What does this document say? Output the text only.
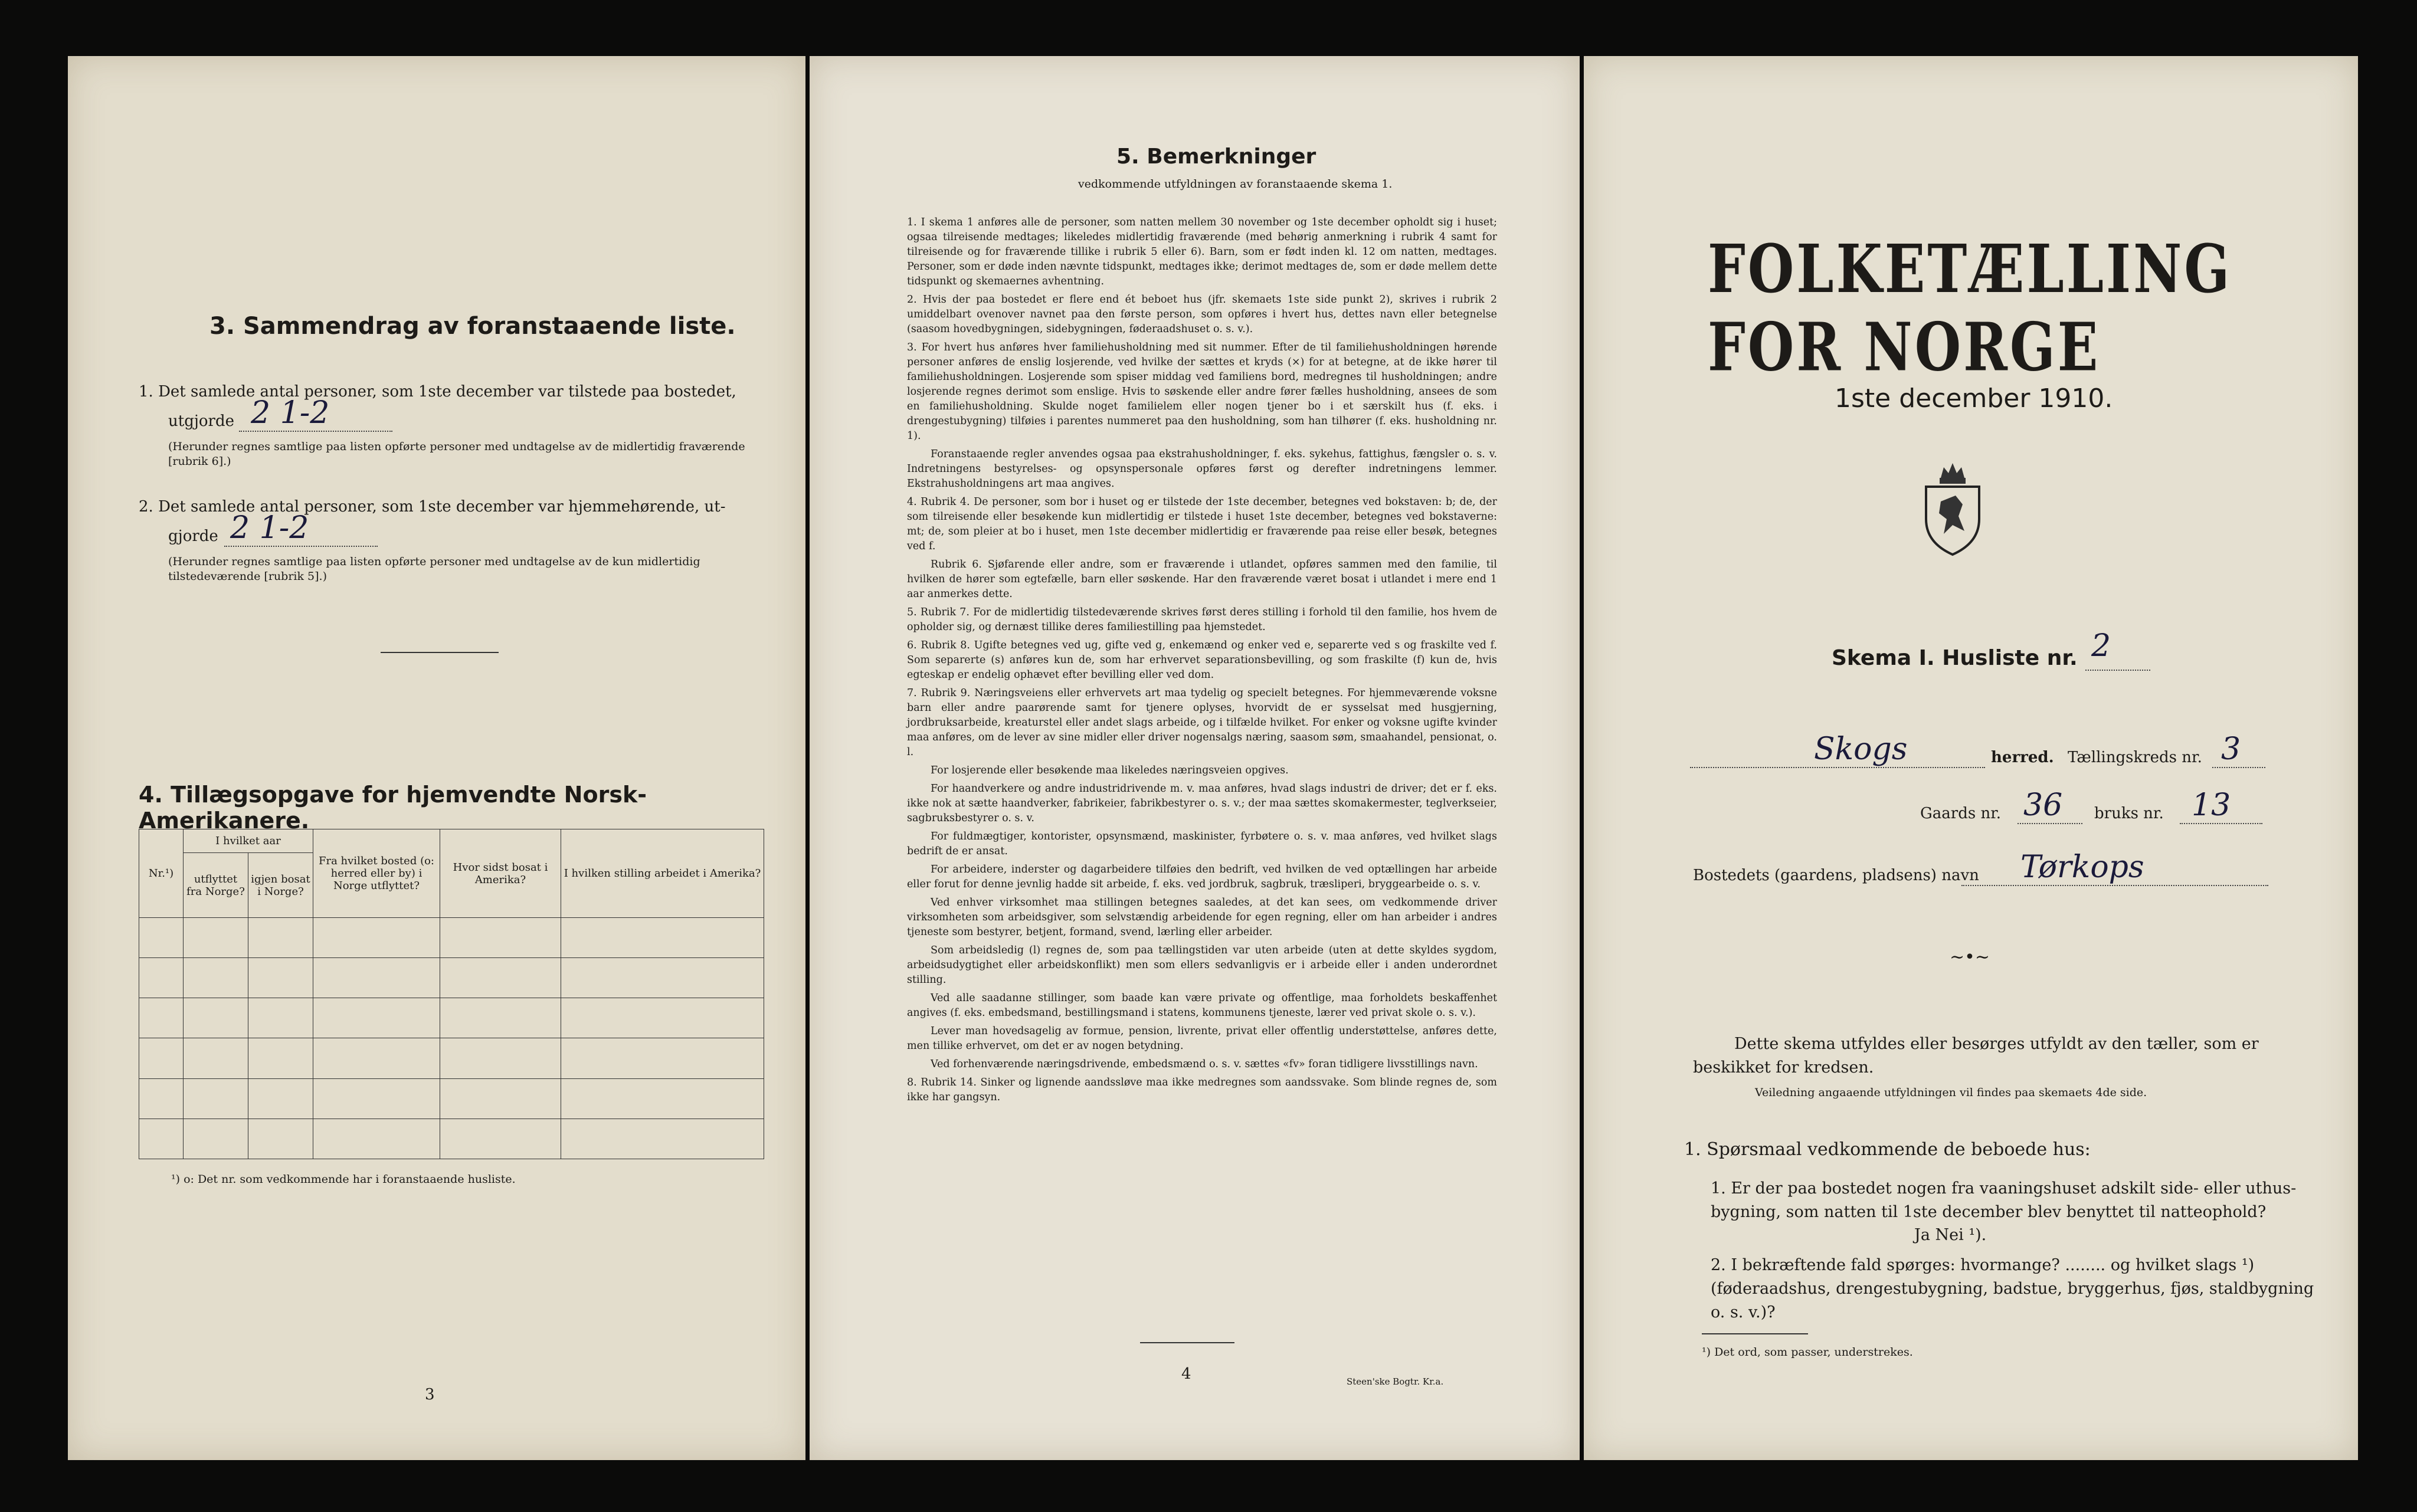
3. Sammendrag av foranstaaende liste.
1. Det samlede antal personer, som 1ste december var tilstede paa bostedet,
utgjorde 2 1-2
(Herunder regnes samtlige paa listen opførte personer med undtagelse av de midlertidig fraværende [rubrik 6].)
2. Det samlede antal personer, som 1ste december var hjemmehørende, ut-
gjorde 2 1-2
(Herunder regnes samtlige paa listen opførte personer med undtagelse av de kun midlertidig tilstedeværende [rubrik 5].)
4. Tillægsopgave for hjemvendte Norsk-Amerikanere.
Nr.¹)	I hvilket aar		Fra hvilket bosted (o: herred eller by) i Norge utflyttet?	Hvor sidst bosat i Amerika?	I hvilken stilling arbeidet i Amerika?
	utflyttet fra Norge?	igjen bosat i Norge?			

¹) o: Det nr. som vedkommende har i foranstaaende husliste.
3
5. Bemerkninger
vedkommende utfyldningen av foranstaaende skema 1.

1. I skema 1 anføres alle de personer, som natten mellem 30 november og 1ste december opholdt sig i huset; ogsaa tilreisende medtages; likeledes midlertidig fraværende (med behørig anmerkning i rubrik 4 samt for tilreisende og for fraværende tillike i rubrik 5 eller 6). Barn, som er født inden kl. 12 om natten, medtages. Personer, som er døde inden nævnte tidspunkt, medtages ikke; derimot medtages de, som er døde mellem dette tidspunkt og skemaernes avhentning.

2. Hvis der paa bostedet er flere end ét beboet hus (jfr. skemaets 1ste side punkt 2), skrives i rubrik 2 umiddelbart ovenover navnet paa den første person, som opføres i hvert hus, dettes navn eller betegnelse (saasom hovedbygningen, sidebygningen, føderaadshuset o. s. v.).

3. For hvert hus anføres hver familiehusholdning med sit nummer. Efter de til familiehusholdningen hørende personer anføres de enslig losjerende, ved hvilke der sættes et kryds (×) for at betegne, at de ikke hører til familiehusholdningen. Losjerende som spiser middag ved familiens bord, medregnes til husholdningen; andre losjerende regnes derimot som enslige. Hvis to søskende eller andre fører fælles husholdning, ansees de som en familiehusholdning. Skulde noget familielem eller nogen tjener bo i et særskilt hus (f. eks. i drengestubygning) tilføies i parentes nummeret paa den husholdning, som han tilhører (f. eks. husholdning nr. 1).

Foranstaaende regler anvendes ogsaa paa ekstrahusholdninger, f. eks. sykehus, fattighus, fængsler o. s. v. Indretningens bestyrelses- og opsynspersonale opføres først og derefter indretningens lemmer. Ekstrahusholdningens art maa angives.

4. Rubrik 4. De personer, som bor i huset og er tilstede der 1ste december, betegnes ved bokstaven: b; de, der som tilreisende eller besøkende kun midlertidig er tilstede i huset 1ste december, betegnes ved bokstaverne: mt; de, som pleier at bo i huset, men 1ste december midlertidig er fraværende paa reise eller besøk, betegnes ved f.

Rubrik 6. Sjøfarende eller andre, som er fraværende i utlandet, opføres sammen med den familie, til hvilken de hører som egtefælle, barn eller søskende. Har den fraværende været bosat i utlandet i mere end 1 aar anmerkes dette.

5. Rubrik 7. For de midlertidig tilstedeværende skrives først deres stilling i forhold til den familie, hos hvem de opholder sig, og dernæst tillike deres familiestilling paa hjemstedet.

6. Rubrik 8. Ugifte betegnes ved ug, gifte ved g, enkemænd og enker ved e, separerte ved s og fraskilte ved f. Som separerte (s) anføres kun de, som har erhvervet separationsbevilling, og som fraskilte (f) kun de, hvis egteskap er endelig ophævet efter bevilling eller ved dom.

7. Rubrik 9. Næringsveiens eller erhvervets art maa tydelig og specielt betegnes. For hjemmeværende voksne barn eller andre paarørende samt for tjenere oplyses, hvorvidt de er sysselsat med husgjerning, jordbruksarbeide, kreaturstel eller andet slags arbeide, og i tilfælde hvilket. For enker og voksne ugifte kvinder maa anføres, om de lever av sine midler eller driver nogensalgs næring, saasom søm, smaahandel, pensionat, o. l.

For losjerende eller besøkende maa likeledes næringsveien opgives.

For haandverkere og andre industridrivende m. v. maa anføres, hvad slags industri de driver; det er f. eks. ikke nok at sætte haandverker, fabrikeier, fabrikbestyrer o. s. v.; der maa sættes skomakermester, teglverkseier, sagbruksbestyrer o. s. v.

For fuldmægtiger, kontorister, opsynsmænd, maskinister, fyrbøtere o. s. v. maa anføres, ved hvilket slags bedrift de er ansat.

For arbeidere, inderster og dagarbeidere tilføies den bedrift, ved hvilken de ved optællingen har arbeide eller forut for denne jevnlig hadde sit arbeide, f. eks. ved jordbruk, sagbruk, træsliperi, bryggearbeide o. s. v.

Ved enhver virksomhet maa stillingen betegnes saaledes, at det kan sees, om vedkommende driver virksomheten som arbeidsgiver, som selvstændig arbeidende for egen regning, eller om han arbeider i andres tjeneste som bestyrer, betjent, formand, svend, lærling eller arbeider.

Som arbeidsledig (l) regnes de, som paa tællingstiden var uten arbeide (uten at dette skyldes sygdom, arbeidsudygtighet eller arbeidskonflikt) men som ellers sedvanligvis er i arbeide eller i anden underordnet stilling.

Ved alle saadanne stillinger, som baade kan være private og offentlige, maa forholdets beskaffenhet angives (f. eks. embedsmand, bestillingsmand i statens, kommunens tjeneste, lærer ved privat skole o. s. v.).

Lever man hovedsagelig av formue, pension, livrente, privat eller offentlig understøttelse, anføres dette, men tillike erhvervet, om det er av nogen betydning.

Ved forhenværende næringsdrivende, embedsmænd o. s. v. sættes «fv» foran tidligere livsstillings navn.

8. Rubrik 14. Sinker og lignende aandssløve maa ikke medregnes som aandssvake. Som blinde regnes de, som ikke har gangsyn.

4	Steen'ske Bogtr. Kr.a.
FOLKETÆLLING FOR NORGE
1ste december 1910.
Skema I. Husliste nr. 2
Skogs	herred. Tællingskreds nr. 3
Gaards nr. 36 bruks nr. 13
Bostedets (gaardens, pladsens) navn Tørkops
∼•∼
Dette skema utfyldes eller besørges utfyldt av den tæller, som er beskikket for kredsen.
Veiledning angaaende utfyldningen vil findes paa skemaets 4de side.
1. Spørsmaal vedkommende de beboede hus:
1. Er der paa bostedet nogen fra vaaningshuset adskilt side- eller uthus-bygning, som natten til 1ste december blev benyttet til natteophold?
Ja Nei ¹).
2. I bekræftende fald spørges: hvormange? ........ og hvilket slags ¹) (føderaadshus, drengestubygning, badstue, bryggerhus, fjøs, staldbygning o. s. v.)?
¹) Det ord, som passer, understrekes.
